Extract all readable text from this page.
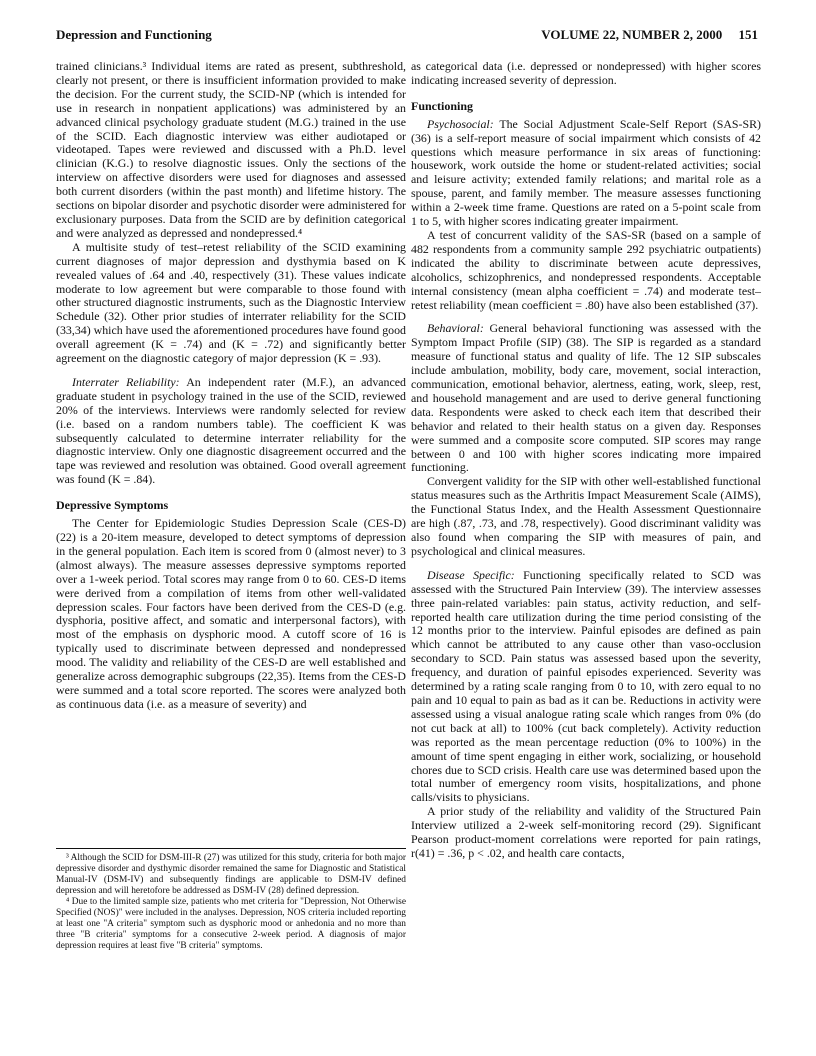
Depression and Functioning	VOLUME 22, NUMBER 2, 2000     151

trained clinicians.³ Individual items are rated as present, subthreshold, clearly not present, or there is insufficient information provided to make the decision. For the current study, the SCID-NP (which is intended for use in research in nonpatient applications) was administered by an advanced clinical psychology graduate student (M.G.) trained in the use of the SCID. Each diagnostic interview was either audiotaped or videotaped. Tapes were reviewed and discussed with a Ph.D. level clinician (K.G.) to resolve diagnostic issues. Only the sections of the interview on affective disorders were used for diagnoses and assessed both current disorders (within the past month) and lifetime history. The sections on bipolar disorder and psychotic disorder were administered for exclusionary purposes. Data from the SCID are by definition categorical and were analyzed as depressed and nondepressed.⁴

A multisite study of test–retest reliability of the SCID examining current diagnoses of major depression and dysthymia based on K revealed values of .64 and .40, respectively (31). These values indicate moderate to low agreement but were comparable to those found with other structured diagnostic instruments, such as the Diagnostic Interview Schedule (32). Other prior studies of interrater reliability for the SCID (33,34) which have used the aforementioned procedures have found good overall agreement (K = .74) and (K = .72) and significantly better agreement on the diagnostic category of major depression (K = .93).

Interrater Reliability: An independent rater (M.F.), an advanced graduate student in psychology trained in the use of the SCID, reviewed 20% of the interviews. Interviews were randomly selected for review (i.e. based on a random numbers table). The coefficient K was subsequently calculated to determine interrater reliability for the diagnostic interview. Only one diagnostic disagreement occurred and the tape was reviewed and resolution was obtained. Good overall agreement was found (K = .84).

Depressive Symptoms

The Center for Epidemiologic Studies Depression Scale (CES-D) (22) is a 20-item measure, developed to detect symptoms of depression in the general population. Each item is scored from 0 (almost never) to 3 (almost always). The measure assesses depressive symptoms reported over a 1-week period. Total scores may range from 0 to 60. CES-D items were derived from a compilation of items from other well-validated depression scales. Four factors have been derived from the CES-D (e.g. dysphoria, positive affect, and somatic and interpersonal factors), with most of the emphasis on dysphoric mood. A cutoff score of 16 is typically used to discriminate between depressed and nondepressed mood. The validity and reliability of the CES-D are well established and generalize across demographic subgroups (22,35). Items from the CES-D were summed and a total score reported. The scores were analyzed both as continuous data (i.e. as a measure of severity) and

³ Although the SCID for DSM-III-R (27) was utilized for this study, criteria for both major depressive disorder and dysthymic disorder remained the same for Diagnostic and Statistical Manual-IV (DSM-IV) and subsequently findings are applicable to DSM-IV defined depression and will heretofore be addressed as DSM-IV (28) defined depression.

⁴ Due to the limited sample size, patients who met criteria for "Depression, Not Otherwise Specified (NOS)" were included in the analyses. Depression, NOS criteria included reporting at least one "A criteria" symptom such as dysphoric mood or anhedonia and no more than three "B criteria" symptoms for a consecutive 2-week period. A diagnosis of major depression requires at least five "B criteria" symptoms.

as categorical data (i.e. depressed or nondepressed) with higher scores indicating increased severity of depression.

Functioning

Psychosocial: The Social Adjustment Scale-Self Report (SAS-SR) (36) is a self-report measure of social impairment which consists of 42 questions which measure performance in six areas of functioning: housework, work outside the home or student-related activities; social and leisure activity; extended family relations; and marital role as a spouse, parent, and family member. The measure assesses functioning within a 2-week time frame. Questions are rated on a 5-point scale from 1 to 5, with higher scores indicating greater impairment.

A test of concurrent validity of the SAS-SR (based on a sample of 482 respondents from a community sample 292 psychiatric outpatients) indicated the ability to discriminate between acute depressives, alcoholics, schizophrenics, and nondepressed respondents. Acceptable internal consistency (mean alpha coefficient = .74) and moderate test–retest reliability (mean coefficient = .80) have also been established (37).

Behavioral: General behavioral functioning was assessed with the Symptom Impact Profile (SIP) (38). The SIP is regarded as a standard measure of functional status and quality of life. The 12 SIP subscales include ambulation, mobility, body care, movement, social interaction, communication, emotional behavior, alertness, eating, work, sleep, rest, and household management and are used to derive general functioning data. Respondents were asked to check each item that described their behavior and related to their health status on a given day. Responses were summed and a composite score computed. SIP scores may range between 0 and 100 with higher scores indicating more impaired functioning.

Convergent validity for the SIP with other well-established functional status measures such as the Arthritis Impact Measurement Scale (AIMS), the Functional Status Index, and the Health Assessment Questionnaire are high (.87, .73, and .78, respectively). Good discriminant validity was also found when comparing the SIP with measures of pain, and psychological and clinical measures.

Disease Specific: Functioning specifically related to SCD was assessed with the Structured Pain Interview (39). The interview assesses three pain-related variables: pain status, activity reduction, and self-reported health care utilization during the time period consisting of the 12 months prior to the interview. Painful episodes are defined as pain which cannot be attributed to any cause other than vaso-occlusion secondary to SCD. Pain status was assessed based upon the severity, frequency, and duration of painful episodes experienced. Severity was determined by a rating scale ranging from 0 to 10, with zero equal to no pain and 10 equal to pain as bad as it can be. Reductions in activity were assessed using a visual analogue rating scale which ranges from 0% (do not cut back at all) to 100% (cut back completely). Activity reduction was reported as the mean percentage reduction (0% to 100%) in the amount of time spent engaging in either work, socializing, or household chores due to SCD crisis. Health care use was determined based upon the total number of emergency room visits, hospitalizations, and phone calls/visits to physicians.

A prior study of the reliability and validity of the Structured Pain Interview utilized a 2-week self-monitoring record (29). Significant Pearson product-moment correlations were reported for pain ratings, r(41) = .36, p < .02, and health care contacts,
